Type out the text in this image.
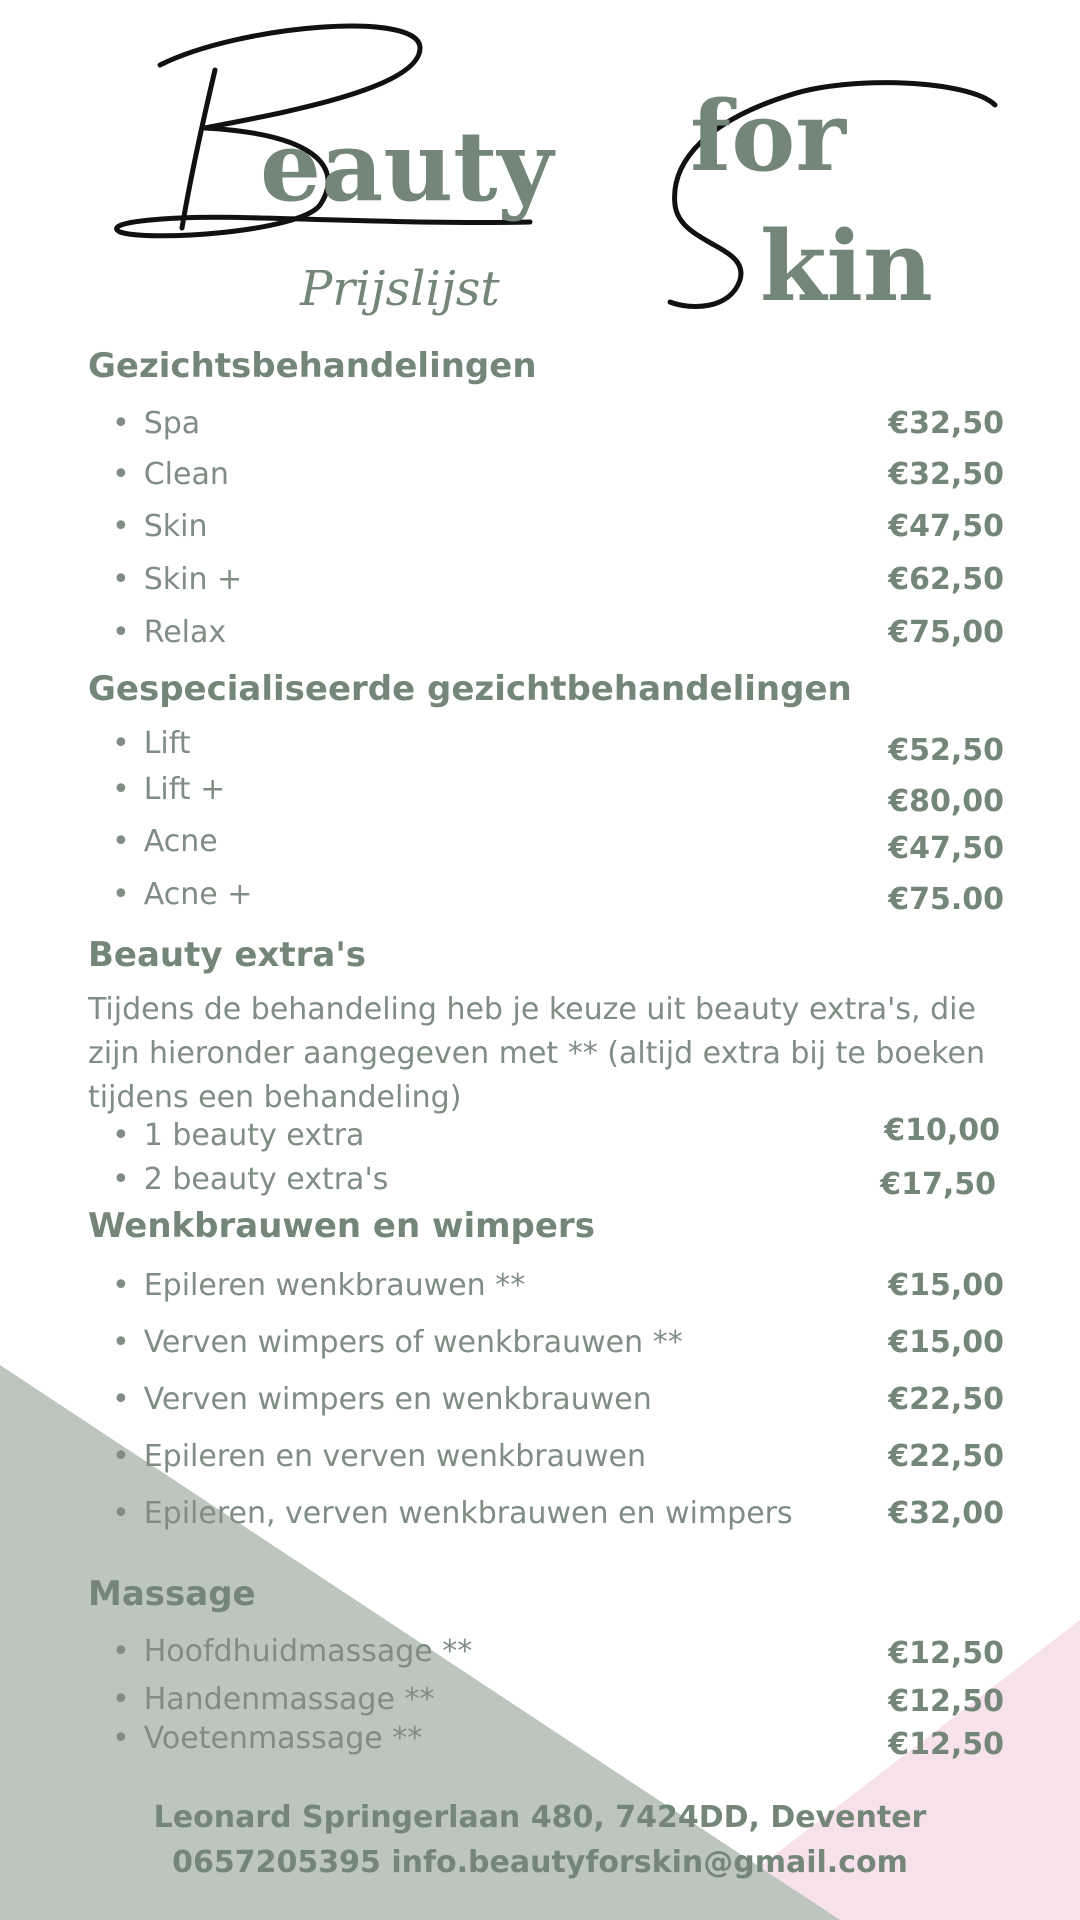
eauty for
kin
Prijslijst
Gezichtsbehandelingen
• Spa	€32,50
• Clean	€32,50
• Skin	€47,50
• Skin +	€62,50
• Relax	€75,00
Gespecialiseerde gezichtbehandelingen
• Lift	€52,50
• Lift +	€80,00
• Acne	€47,50
• Acne +	€75.00
Beauty extra's
Tijdens de behandeling heb je keuze uit beauty extra's, die zijn hieronder aangegeven met ** (altijd extra bij te boeken tijdens een behandeling)
• 1 beauty extra	€10,00
• 2 beauty extra's	€17,50
Wenkbrauwen en wimpers
• Epileren wenkbrauwen **	€15,00
• Verven wimpers of wenkbrauwen **	€15,00
• Verven wimpers en wenkbrauwen	€22,50
• Epileren en verven wenkbrauwen	€22,50
• Epileren, verven wenkbrauwen en wimpers	€32,00
Massage
• Hoofdhuidmassage **	€12,50
• Handenmassage **	€12,50
• Voetenmassage **	€12,50
Leonard Springerlaan 480, 7424DD, Deventer
0657205395 info.beautyforskin@gmail.com
